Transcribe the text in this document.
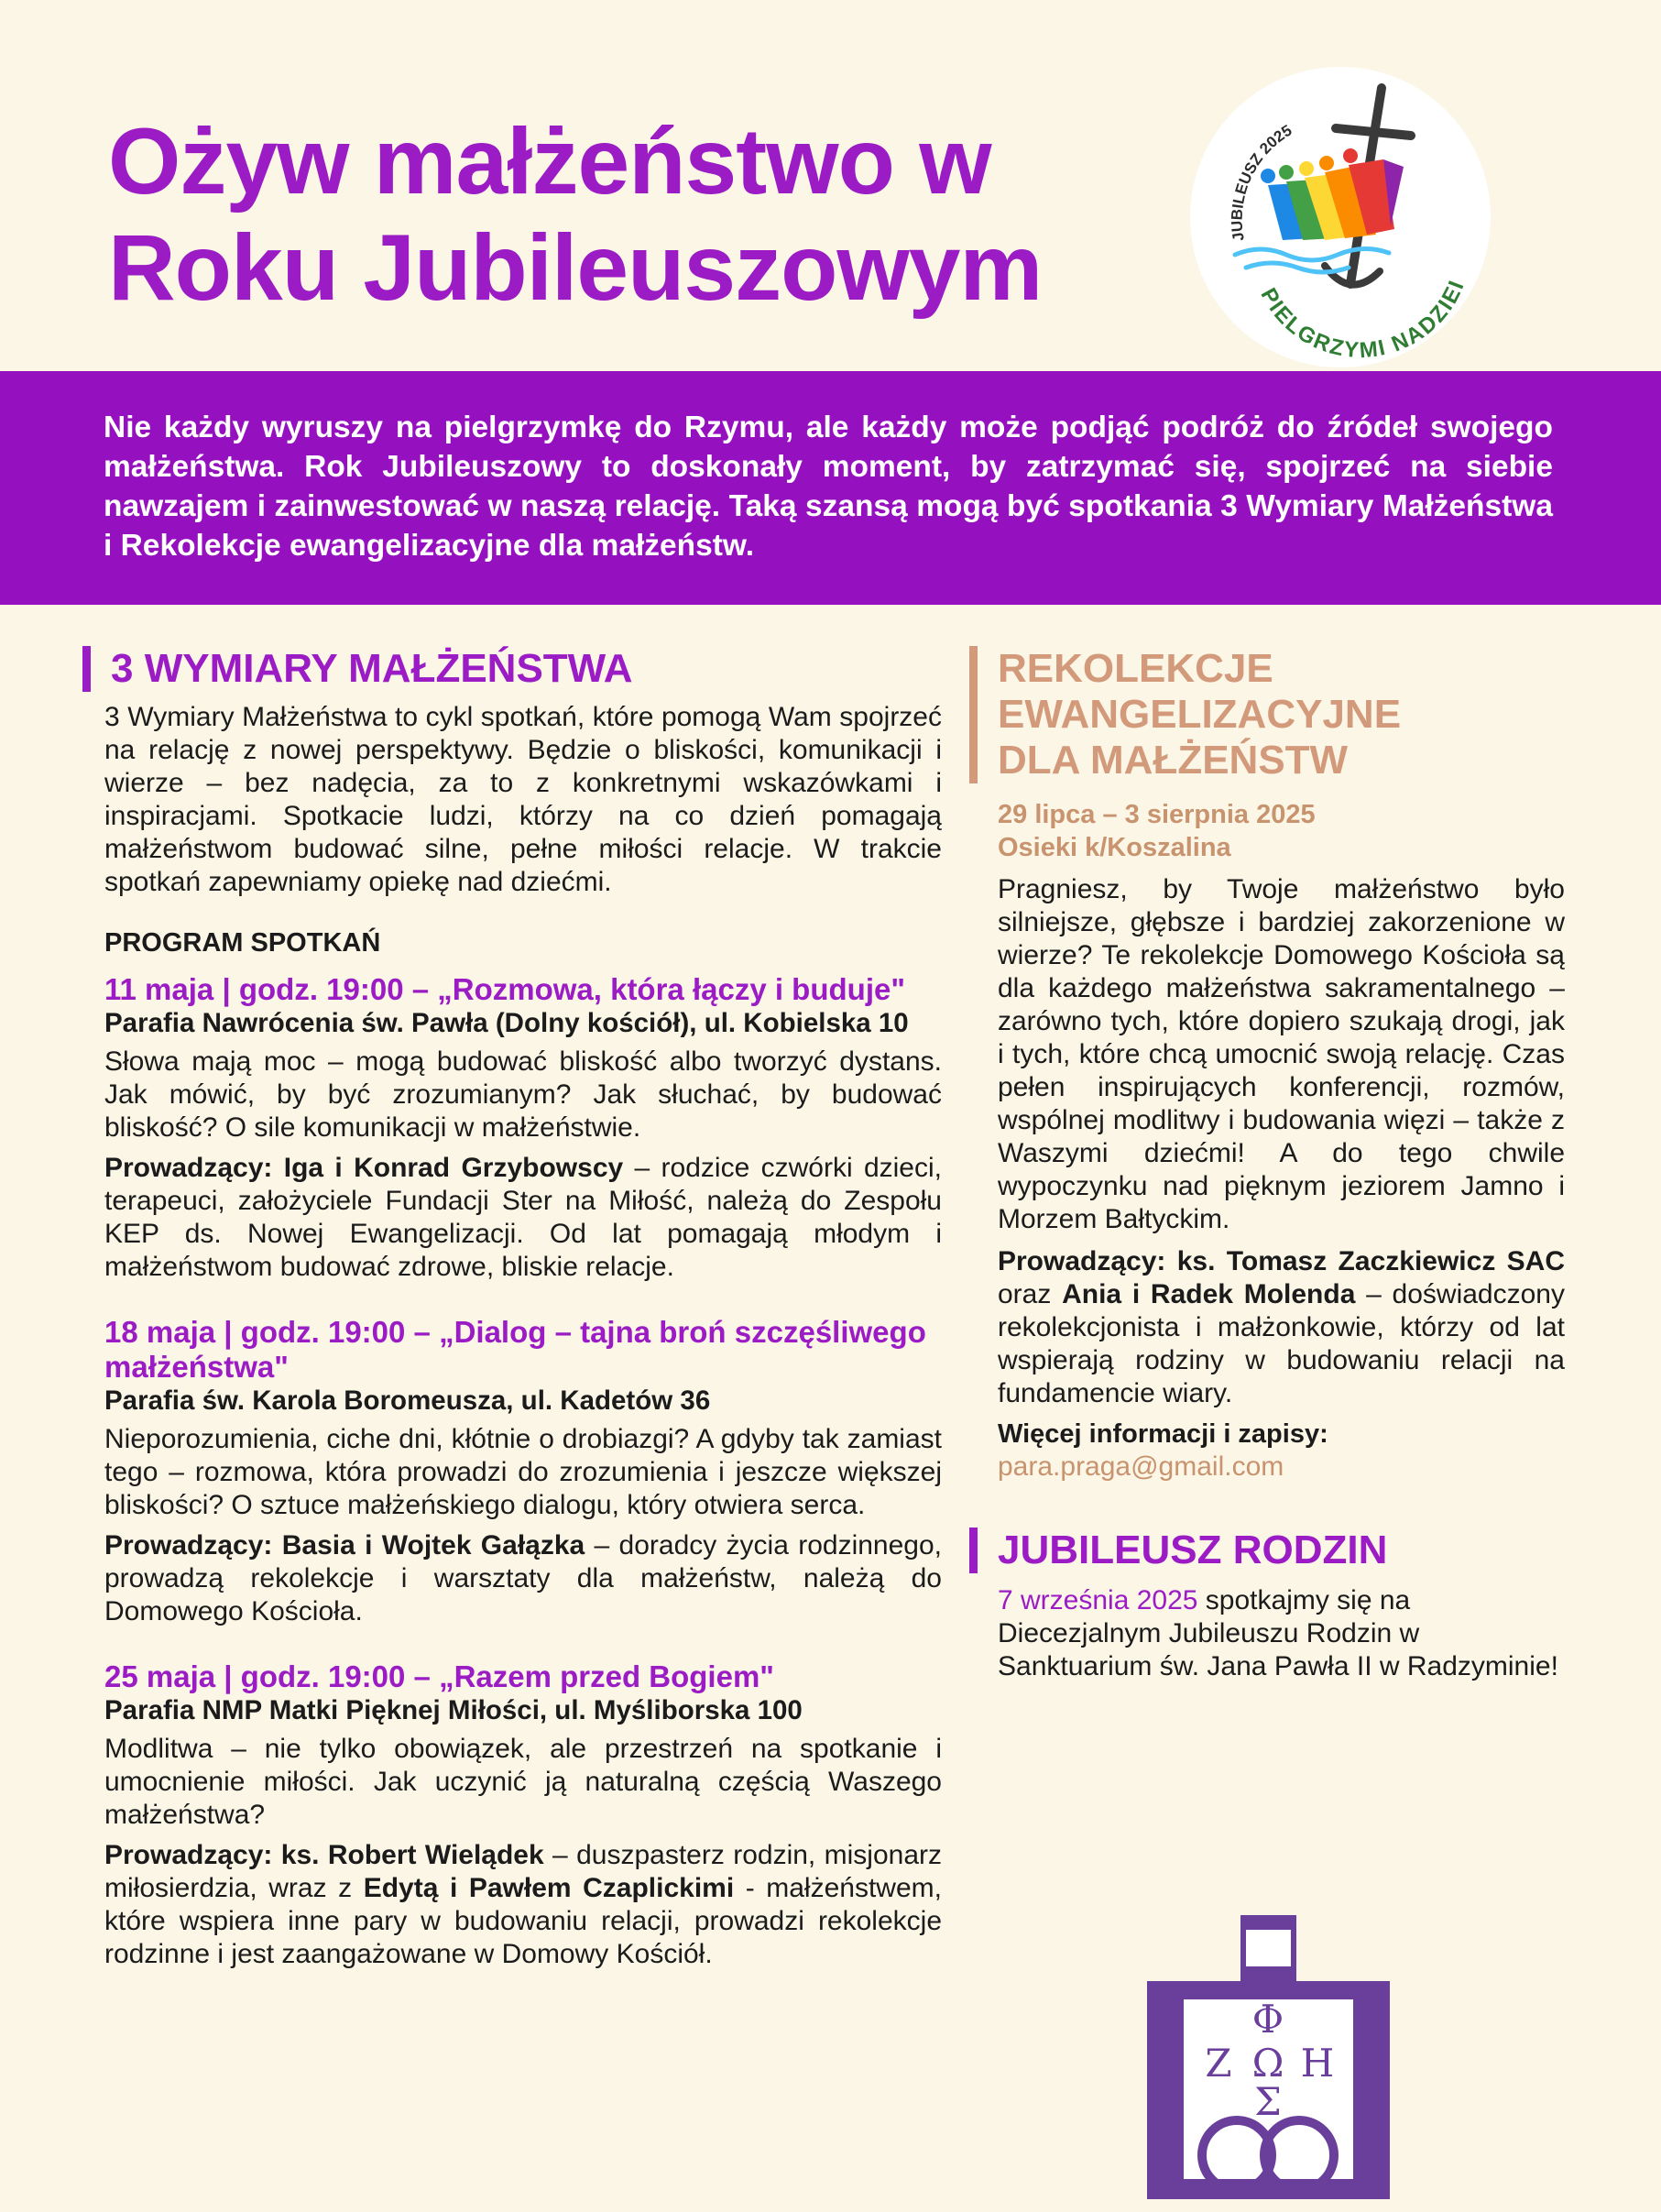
Ożyw małżeństwo w
Roku Jubileuszowym	JUBILEUSZ 2025
PIELGRZYMI NADZIEI

Nie każdy wyruszy na pielgrzymkę do Rzymu, ale każdy może podjąć podróż do źródeł swojego małżeństwa. Rok Jubileuszowy to doskonały moment, by zatrzymać się, spojrzeć na siebie nawzajem i zainwestować w naszą relację. Taką szansą mogą być spotkania 3 Wymiary Małżeństwa i Rekolekcje ewangelizacyjne dla małżeństw.

3 WYMIARY MAŁŻEŃSTWA

3 Wymiary Małżeństwa to cykl spotkań, które pomogą Wam spojrzeć na relację z nowej perspektywy. Będzie o bliskości, komunikacji i wierze – bez nadęcia, za to z konkretnymi wskazówkami i inspiracjami. Spotkacie ludzi, którzy na co dzień pomagają małżeństwom budować silne, pełne miłości relacje. W trakcie spotkań zapewniamy opiekę nad dziećmi.

PROGRAM SPOTKAŃ

11 maja | godz. 19:00 – „Rozmowa, która łączy i buduje"

Parafia Nawrócenia św. Pawła (Dolny kościół), ul. Kobielska 10

Słowa mają moc – mogą budować bliskość albo tworzyć dystans. Jak mówić, by być zrozumianym? Jak słuchać, by budować bliskość? O sile komunikacji w małżeństwie.

Prowadzący: Iga i Konrad Grzybowscy – rodzice czwórki dzieci, terapeuci, założyciele Fundacji Ster na Miłość, należą do Zespołu KEP ds. Nowej Ewangelizacji. Od lat pomagają młodym i małżeństwom budować zdrowe, bliskie relacje.

18 maja | godz. 19:00 – „Dialog – tajna broń szczęśliwego małżeństwa"

Parafia św. Karola Boromeusza, ul. Kadetów 36

Nieporozumienia, ciche dni, kłótnie o drobiazgi? A gdyby tak zamiast tego – rozmowa, która prowadzi do zrozumienia i jeszcze większej bliskości? O sztuce małżeńskiego dialogu, który otwiera serca.

Prowadzący: Basia i Wojtek Gałązka – doradcy życia rodzinnego, prowadzą rekolekcje i warsztaty dla małżeństw, należą do Domowego Kościoła.

25 maja | godz. 19:00 – „Razem przed Bogiem"

Parafia NMP Matki Pięknej Miłości, ul. Myśliborska 100

Modlitwa – nie tylko obowiązek, ale przestrzeń na spotkanie i umocnienie miłości. Jak uczynić ją naturalną częścią Waszego małżeństwa?

Prowadzący: ks. Robert Wielądek – duszpasterz rodzin, misjonarz miłosierdzia, wraz z Edytą i Pawłem Czaplickimi - małżeństwem, które wspiera inne pary w budowaniu relacji, prowadzi rekolekcje rodzinne i jest zaangażowane w Domowy Kościół.

REKOLEKCJE
EWANGELIZACYJNE
DLA MAŁŻEŃSTW

29 lipca – 3 sierpnia 2025

Osieki k/Koszalina

Pragniesz, by Twoje małżeństwo było silniejsze, głębsze i bardziej zakorzenione w wierze? Te rekolekcje Domowego Kościoła są dla każdego małżeństwa sakramentalnego – zarówno tych, które dopiero szukają drogi, jak i tych, które chcą umocnić swoją relację. Czas pełen inspirujących konferencji, rozmów, wspólnej modlitwy i budowania więzi – także z Waszymi dziećmi! A do tego chwile wypoczynku nad pięknym jeziorem Jamno i Morzem Bałtyckim.

Prowadzący: ks. Tomasz Zaczkiewicz SAC oraz Ania i Radek Molenda – doświadczony rekolekcjonista i małżonkowie, którzy od lat wspierają rodziny w budowaniu relacji na fundamencie wiary.

Więcej informacji i zapisy:

para.praga@gmail.com

JUBILEUSZ RODZIN

7 września 2025 spotkajmy się na Diecezjalnym Jubileuszu Rodzin w Sanktuarium św. Jana Pawła II w Radzyminie!

Φ
Ζ Ω Η
Σ
